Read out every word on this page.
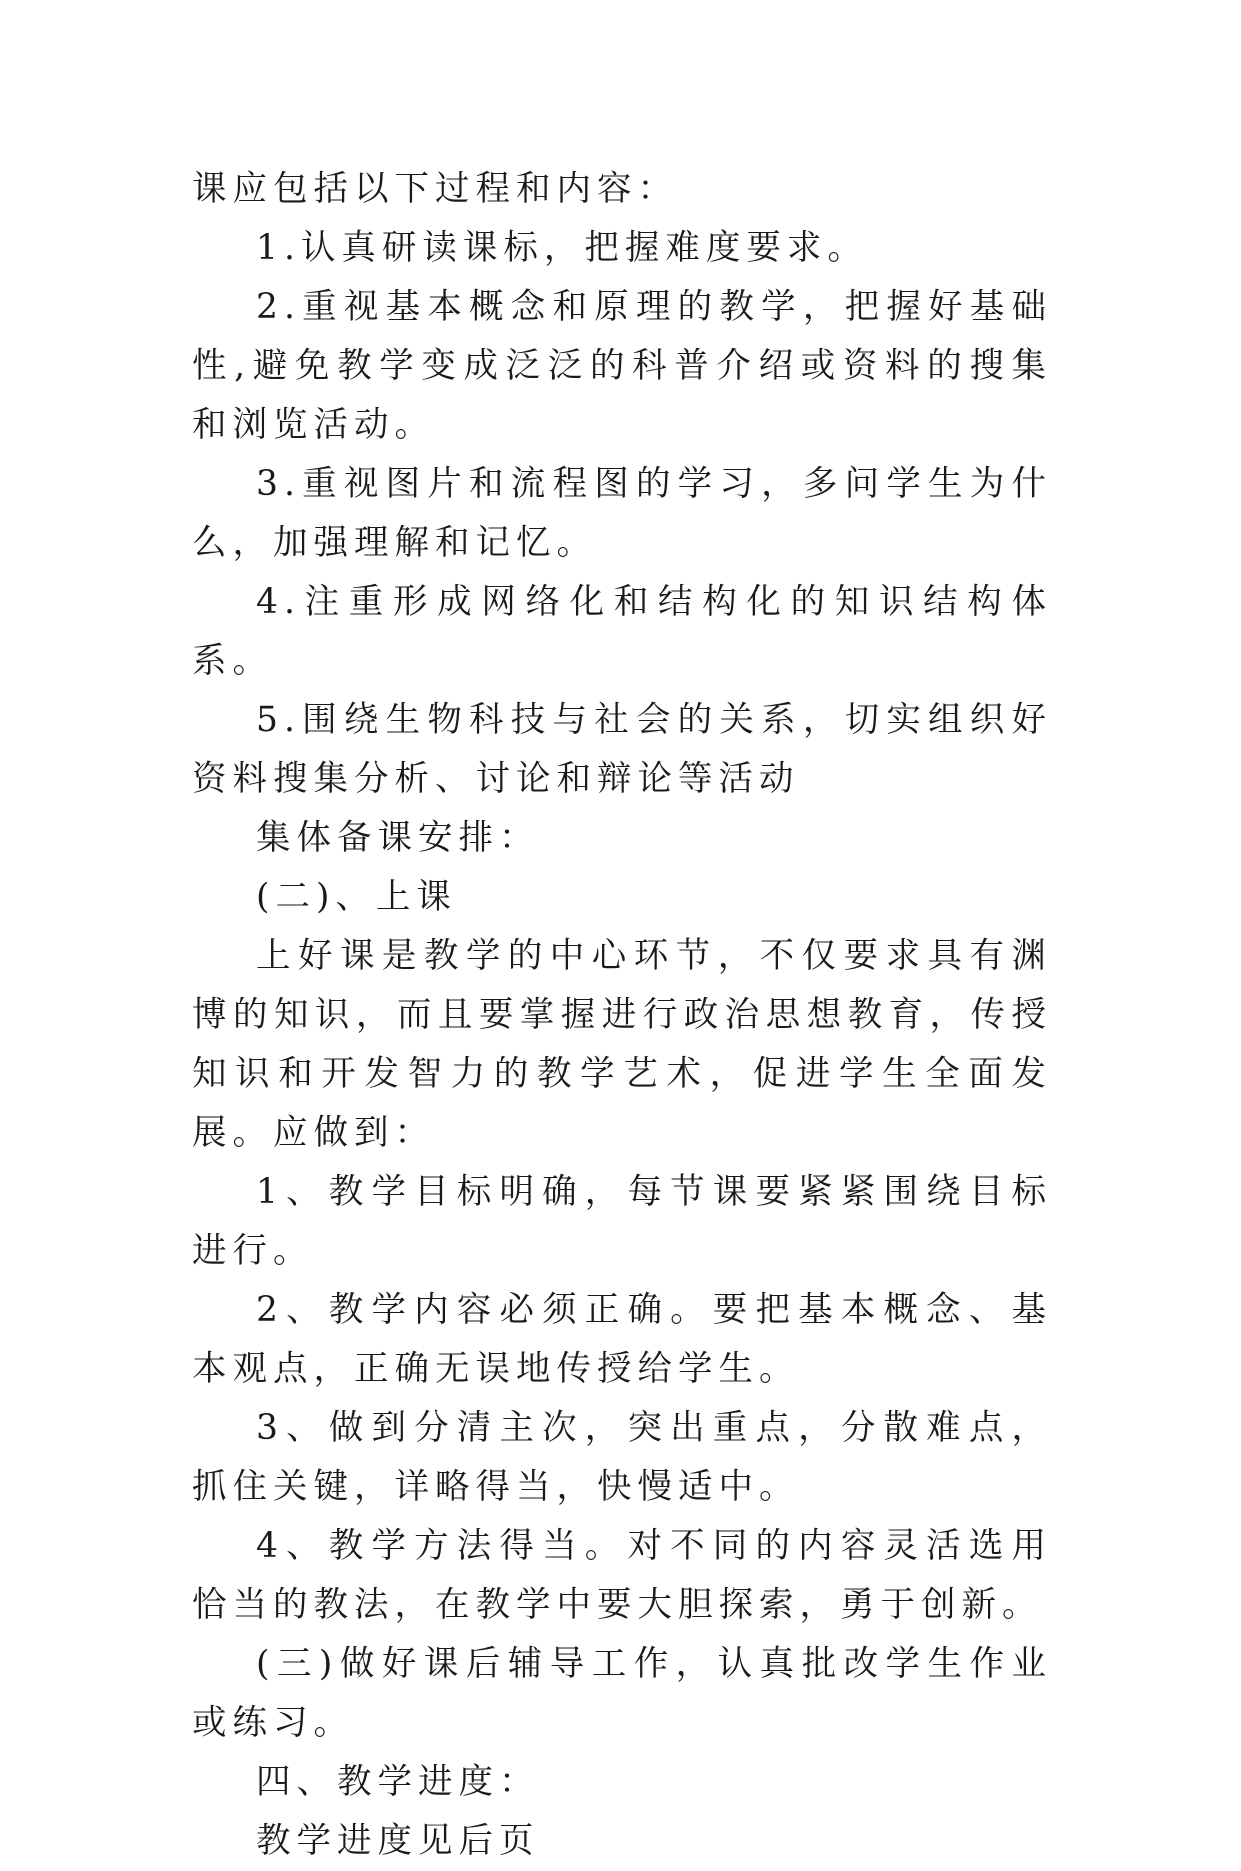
课应包括以下过程和内容：

1.认真研读课标，把握难度要求。

2.重视基本概念和原理的教学，把握好基础性,避免教学变成泛泛的科普介绍或资料的搜集和浏览活动。

3.重视图片和流程图的学习，多问学生为什么，加强理解和记忆。

4.注重形成网络化和结构化的知识结构体系。

5.围绕生物科技与社会的关系，切实组织好资料搜集分析、讨论和辩论等活动

集体备课安排：

(二)、上课

上好课是教学的中心环节，不仅要求具有渊博的知识，而且要掌握进行政治思想教育，传授知识和开发智力的教学艺术，促进学生全面发展。应做到：

1、教学目标明确，每节课要紧紧围绕目标进行。

2、教学内容必须正确。要把基本概念、基本观点，正确无误地传授给学生。

3、做到分清主次，突出重点，分散难点，抓住关键，详略得当，快慢适中。

4、教学方法得当。对不同的内容灵活选用恰当的教法，在教学中要大胆探索，勇于创新。

(三)做好课后辅导工作，认真批改学生作业或练习。

四、教学进度：

教学进度见后页
